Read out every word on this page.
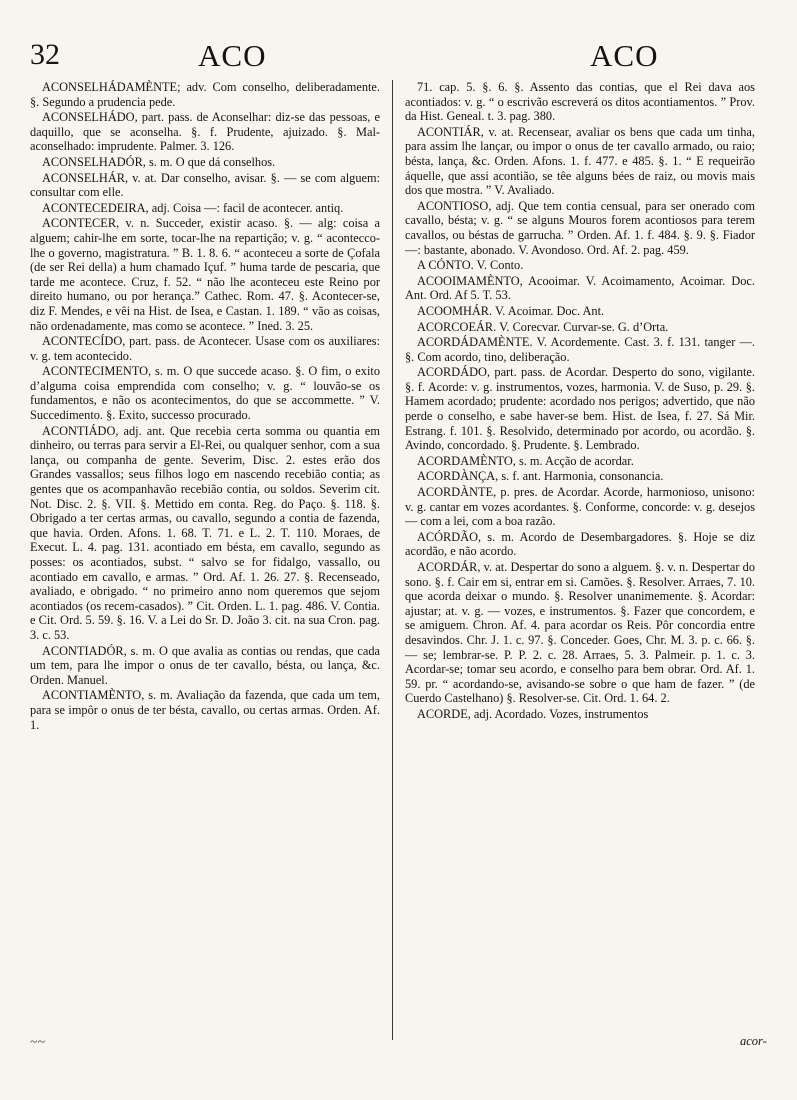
32	ACO	ACO

ACONSELHÁDAMÈNTE; adv. Com conselho, deliberadamente. §. Segundo a prudencia pede.

ACONSELHÁDO, part. pass. de Aconselhar: diz-se das pessoas, e daquillo, que se aconselha. §. f. Prudente, ajuizado. §. Mal-aconselhado: imprudente. Palmer. 3. 126.

ACONSELHADÓR, s. m. O que dá conselhos.

ACONSELHÁR, v. at. Dar conselho, avisar. §. — se com alguem: consultar com elle.

ACONTECEDEIRA, adj. Coisa —: facil de acontecer. antiq.

ACONTECER, v. n. Succeder, existir acaso. §. — alg: coisa a alguem; cahir-lhe em sorte, tocar-lhe na repartição; v. g. “ acontecco-lhe o governo, magistratura. ” B. 1. 8. 6. “ aconteceu a sorte de Çofala (de ser Rei della) a hum chamado Içuf. ” huma tarde de pescaria, que tarde me acontece. Cruz, f. 52. “ não lhe aconteceu este Reino por direito humano, ou por herança.” Cathec. Rom. 47. §. Acontecer-se, diz F. Mendes, e vêi na Hist. de Isea, e Castan. 1. 189. “ vão as coisas, não ordenadamente, mas como se acontece. ” Ined. 3. 25.

ACONTECÍDO, part. pass. de Acontecer. Usase com os auxiliares: v. g. tem acontecido.

ACONTECIMENTO, s. m. O que succede acaso. §. O fim, o exito d’alguma coisa emprendida com conselho; v. g. “ louvão-se os fundamentos, e não os acontecimentos, do que se accommette. ” V. Succedimento. §. Exito, successo procurado.

ACONTIÁDO, adj. ant. Que recebia certa somma ou quantia em dinheiro, ou terras para servir a El-Rei, ou qualquer senhor, com a sua lança, ou companha de gente. Severim, Disc. 2. estes erão dos Grandes vassallos; seus filhos logo em nascendo recebião contia; as gentes que os acompanhavão recebião contia, ou soldos. Severim cit. Not. Disc. 2. §. VII. §. Mettido em conta. Reg. do Paço. §. 118. §. Obrigado a ter certas armas, ou cavallo, segundo a contia de fazenda, que havia. Orden. Afons. 1. 68. T. 71. e L. 2. T. 110. Moraes, de Execut. L. 4. pag. 131. acontiado em bésta, em cavallo, segundo as posses: os acontiados, subst. “ salvo se for fidalgo, vassallo, ou acontiado em cavallo, e armas. ” Ord. Af. 1. 26. 27. §. Recenseado, avaliado, e obrigado. “ no primeiro anno nom queremos que sejom acontiados (os recem-casados). ” Cit. Orden. L. 1. pag. 486. V. Contia. e Cit. Ord. 5. 59. §. 16. V. a Lei do Sr. D. João 3. cit. na sua Cron. pag. 3. c. 53.

ACONTIADÓR, s. m. O que avalia as contias ou rendas, que cada um tem, para lhe impor o onus de ter cavallo, bésta, ou lança, &c. Orden. Manuel.

ACONTIAMÈNTO, s. m. Avaliação da fazenda, que cada um tem, para se impôr o onus de ter bésta, cavallo, ou certas armas. Orden. Af. 1.

71. cap. 5. §. 6. §. Assento das contias, que el Rei dava aos acontiados: v. g. “ o escrivão escreverá os ditos acontiamentos. ” Prov. da Hist. Geneal. t. 3. pag. 380.

ACONTIÁR, v. at. Recensear, avaliar os bens que cada um tinha, para assim lhe lançar, ou impor o onus de ter cavallo armado, ou raio; bésta, lança, &c. Orden. Afons. 1. f. 477. e 485. §. 1. “ E requeirão áquelle, que assi acontião, se têe alguns bées de raiz, ou movis mais dos que mostra. ” V. Avaliado.

ACONTIOSO, adj. Que tem contia censual, para ser onerado com cavallo, bésta; v. g. “ se alguns Mouros forem acontiosos para terem cavallos, ou béstas de garrucha. ” Orden. Af. 1. f. 484. §. 9. §. Fiador —: bastante, abonado. V. Avondoso. Ord. Af. 2. pag. 459.

A CÓNTO. V. Conto.

ACOOIMAMÈNTO, Acooimar. V. Acoimamento, Acoimar. Doc. Ant. Ord. Af 5. T. 53.

ACOOMHÁR. V. Acoimar. Doc. Ant.

ACORCOEÁR. V. Corecvar. Curvar-se. G. d’Orta.

ACORDÁDAMÈNTE. V. Acordemente. Cast. 3. f. 131. tanger —. §. Com acordo, tino, deliberação.

ACORDÁDO, part. pass. de Acordar. Desperto do sono, vigilante. §. f. Acorde: v. g. instrumentos, vozes, harmonia. V. de Suso, p. 29. §. Hamem acordado; prudente: acordado nos perigos; advertido, que não perde o conselho, e sabe haver-se bem. Hist. de Isea, f. 27. Sá Mir. Estrang. f. 101. §. Resolvido, determinado por acordo, ou acordão. §. Avindo, concordado. §. Prudente. §. Lembrado.

ACORDAMÈNTO, s. m. Acção de acordar.

ACORDÀNÇA, s. f. ant. Harmonia, consonancia.

ACORDÀNTE, p. pres. de Acordar. Acorde, harmonioso, unisono: v. g. cantar em vozes acordantes. §. Conforme, concorde: v. g. desejos — com a lei, com a boa razão.

ACÓRDÃO, s. m. Acordo de Desembargadores. §. Hoje se diz acordão, e não acordo.

ACORDÁR, v. at. Despertar do sono a alguem. §. v. n. Despertar do sono. §. f. Cair em si, entrar em si. Camões. §. Resolver. Arraes, 7. 10. que acorda deixar o mundo. §. Resolver unanimemente. §. Acordar: ajustar; at. v. g. — vozes, e instrumentos. §. Fazer que concordem, e se amiguem. Chron. Af. 4. para acordar os Reis. Pôr concordia entre desavindos. Chr. J. 1. c. 97. §. Conceder. Goes, Chr. M. 3. p. c. 66. §. — se; lembrar-se. P. P. 2. c. 28. Arraes, 5. 3. Palmeir. p. 1. c. 3. Acordar-se; tomar seu acordo, e conselho para bem obrar. Ord. Af. 1. 59. pr. “ acordando-se, avisando-se sobre o que ham de fazer. ” (de Cuerdo Castelhano) §. Resolver-se. Cit. Ord. 1. 64. 2.

ACORDE, adj. Acordado. Vozes, instrumentos

~~	acor-
